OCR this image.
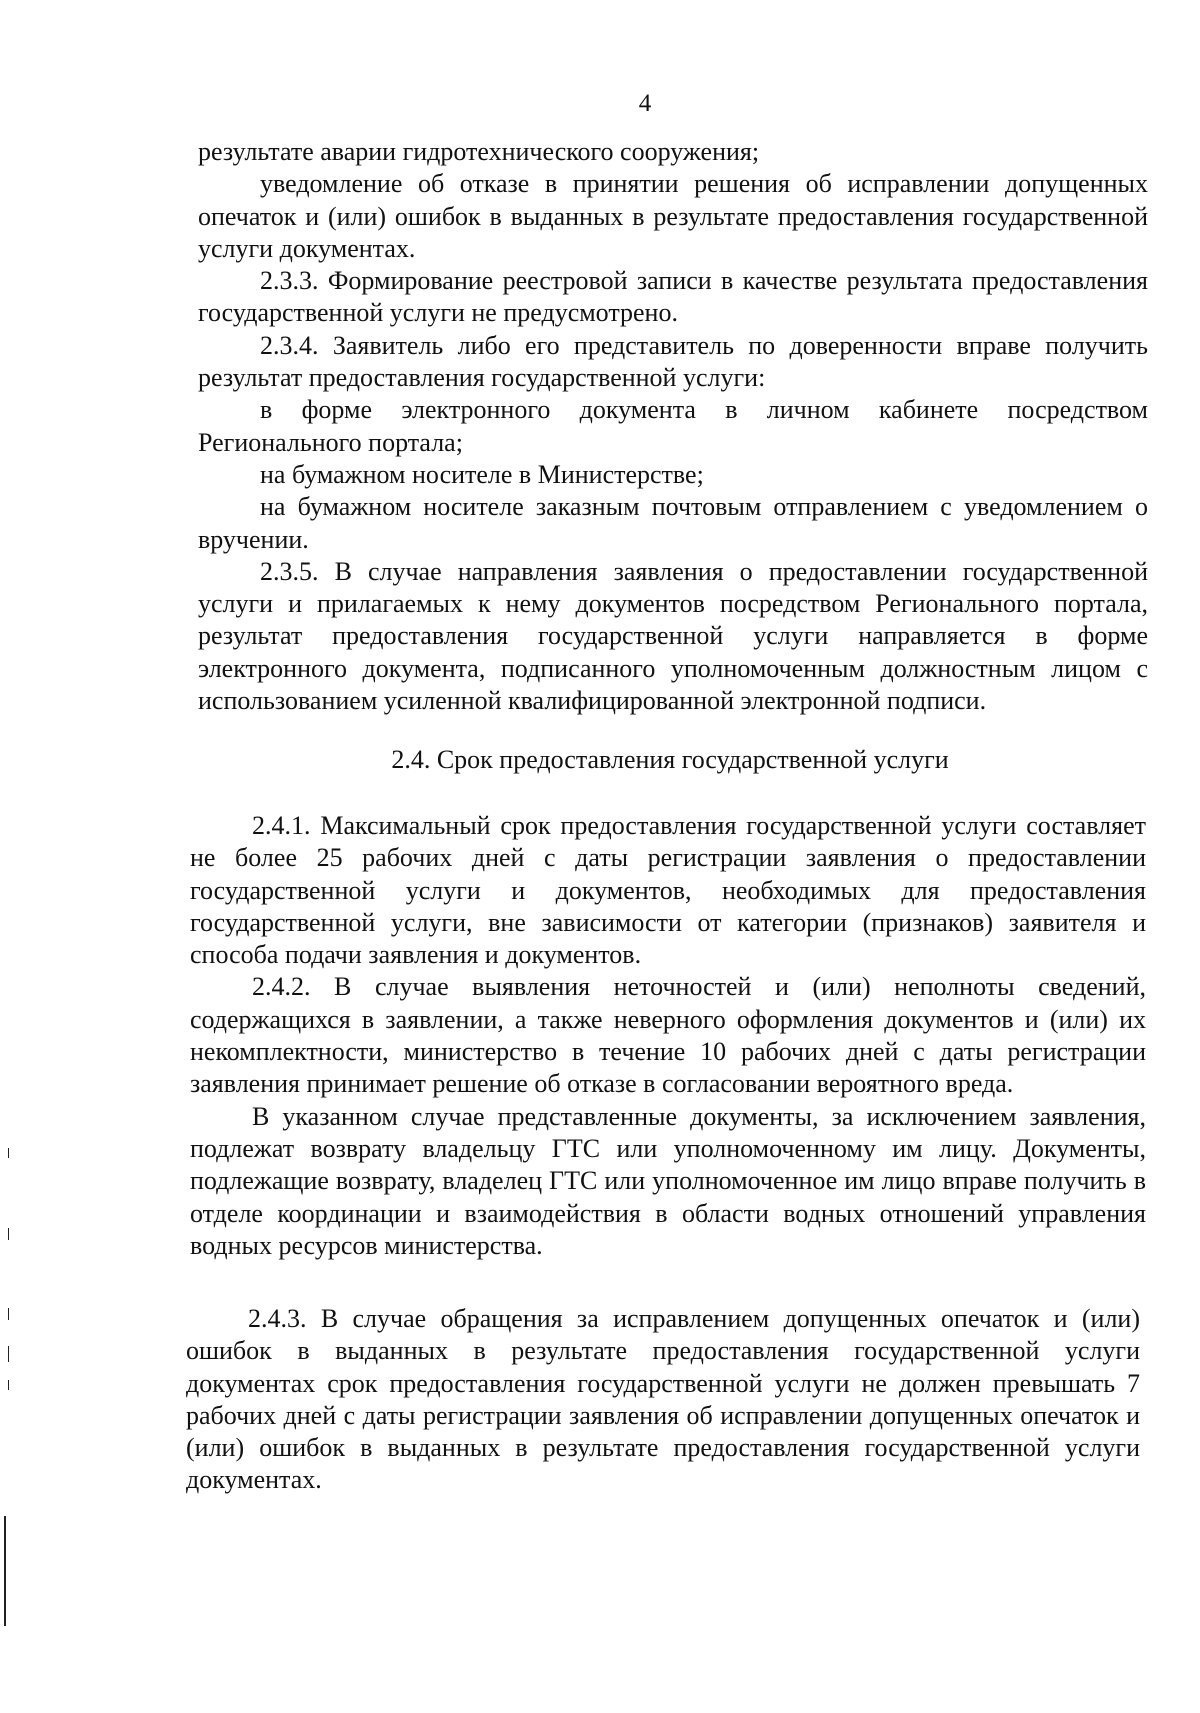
4

результате аварии гидротехнического сооружения;

уведомление об отказе в принятии решения об исправлении допущенных опечаток и (или) ошибок в выданных в результате предоставления государственной услуги документах.

2.3.3. Формирование реестровой записи в качестве результата предоставления государственной услуги не предусмотрено.

2.3.4. Заявитель либо его представитель по доверенности вправе получить результат предоставления государственной услуги:

в форме электронного документа в личном кабинете посредством Регионального портала;

на бумажном носителе в Министерстве;

на бумажном носителе заказным почтовым отправлением с уведомлением о вручении.

2.3.5. В случае направления заявления о предоставлении государственной услуги и прилагаемых к нему документов посредством Регионального портала, результат предоставления государственной услуги направляется в форме электронного документа, подписанного уполномоченным должностным лицом с использованием усиленной квалифицированной электронной подписи.

2.4. Срок предоставления государственной услуги

2.4.1. Максимальный срок предоставления государственной услуги составляет не более 25 рабочих дней с даты регистрации заявления о предоставлении государственной услуги и документов, необходимых для предоставления государственной услуги, вне зависимости от категории (признаков) заявителя и способа подачи заявления и документов.

2.4.2. В случае выявления неточностей и (или) неполноты сведений, содержащихся в заявлении, а также неверного оформления документов и (или) их некомплектности, министерство в течение 10 рабочих дней с даты регистрации заявления принимает решение об отказе в согласовании вероятного вреда.

В указанном случае представленные документы, за исключением заявления, подлежат возврату владельцу ГТС или уполномоченному им лицу. Документы, подлежащие возврату, владелец ГТС или уполномоченное им лицо вправе получить в отделе координации и взаимодействия в области водных отношений управления водных ресурсов министерства.

2.4.3. В случае обращения за исправлением допущенных опечаток и (или) ошибок в выданных в результате предоставления государственной услуги документах срок предоставления государственной услуги не должен превышать 7 рабочих дней с даты регистрации заявления об исправлении допущенных опечаток и (или) ошибок в выданных в результате предоставления государственной услуги документах.
